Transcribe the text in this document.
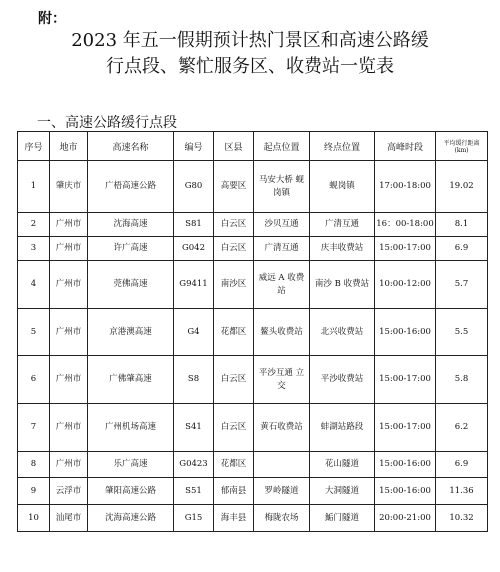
附：
2023 年五一假期预计热门景区和高速公路缓
行点段、繁忙服务区、收费站一览表
一、高速公路缓行点段
序号	地市	高速名称	编号	区县	起点位置	终点位置	高峰时段	平均缓行距离(km)
1	肇庆市	广梧高速公路	G80	高要区	马安大桥 蚬岗镇	蚬岗镇	17:00-18:00	19.02
2	广州市	沈海高速	S81	白云区	沙贝互通	广清互通	16：00-18:00	8.1
3	广州市	许广高速	G042	白云区	广清互通	庆丰收费站	15:00-17:00	6.9
4	广州市	莞佛高速	G9411	南沙区	威远 A 收费站	南沙 B 收费站	10:00-12:00	5.7
5	广州市	京港澳高速	G4	花都区	鳌头收费站	北兴收费站	15:00-16:00	5.5
6	广州市	广佛肇高速	S8	白云区	平沙互通 立交	平沙收费站	15:00-17:00	5.8
7	广州市	广州机场高速	S41	白云区	黄石收费站	蚌湖站路段	15:00-17:00	6.2
8	广州市	乐广高速	G0423	花都区		花山隧道	15:00-16:00	6.9
9	云浮市	肇阳高速公路	S51	郁南县	罗岭隧道	大洞隧道	15:00-16:00	11.36
10	汕尾市	沈海高速公路	G15	海丰县	梅陇农场	鮜门隧道	20:00-21:00	10.32
